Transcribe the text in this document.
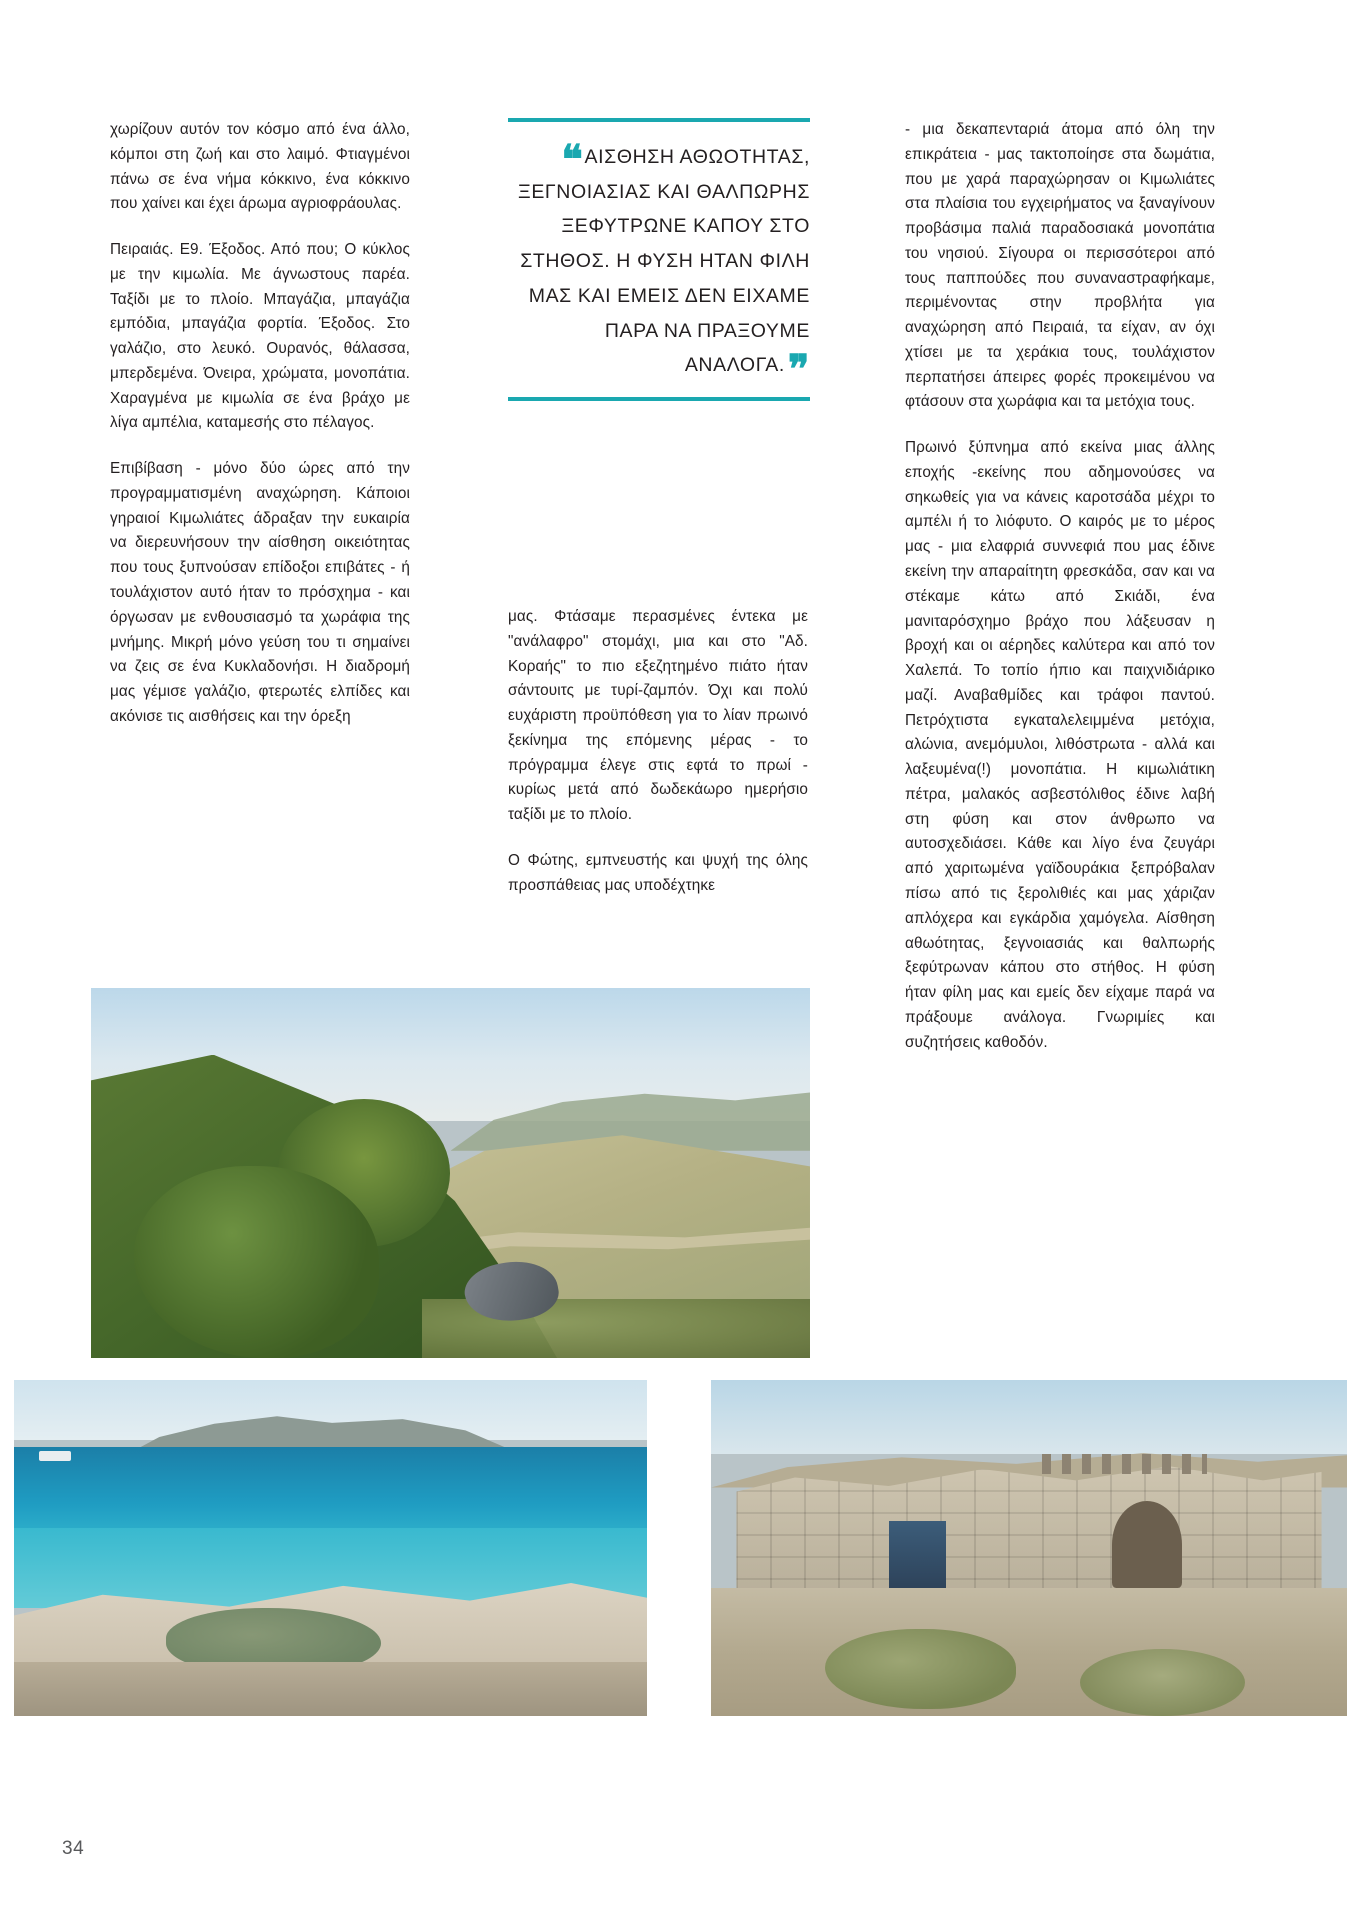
χωρίζουν αυτόν τον κόσμο από ένα άλλο, κόμποι στη ζωή και στο λαιμό. Φτιαγμένοι πάνω σε ένα νήμα κόκκινο, ένα κόκκινο που χαίνει και έχει άρωμα αγριοφράουλας.

Πειραιάς. Ε9. Έξοδος. Από που; Ο κύκλος με την κιμωλία. Με άγνωστους παρέα. Ταξίδι με το πλοίο. Μπαγάζια, μπαγάζια εμπόδια, μπαγάζια φορτία. Έξοδος. Στο γαλάζιο, στο λευκό. Ουρανός, θάλασσα, μπερδεμένα. Όνειρα, χρώματα, μονοπάτια. Χαραγμένα με κιμωλία σε ένα βράχο με λίγα αμπέλια, καταμεσής στο πέλαγος.

Επιβίβαση - μόνο δύο ώρες από την προγραμματισμένη αναχώρηση. Κάποιοι γηραιοί Κιμωλιάτες άδραξαν την ευκαιρία να διερευνήσουν την αίσθηση οικειότητας που τους ξυπνούσαν επίδοξοι επιβάτες - ή τουλάχιστον αυτό ήταν το πρόσχημα - και όργωσαν με ενθουσιασμό τα χωράφια της μνήμης. Μικρή μόνο γεύση του τι σημαίνει να ζεις σε ένα Κυκλαδονήσι. Η διαδρομή μας γέμισε γαλάζιο, φτερωτές ελπίδες και ακόνισε τις αισθήσεις και την όρεξη

❝ΑΙΣΘΗΣΗ ΑΘΩΟΤΗΤΑΣ, ΞΕΓΝΟΙΑΣΙΑΣ ΚΑΙ ΘΑΛΠΩΡΗΣ ΞΕΦΥΤΡΩΝΕ ΚΑΠΟΥ ΣΤΟ ΣΤΗΘΟΣ. Η ΦΥΣΗ ΗΤΑΝ ΦΙΛΗ ΜΑΣ ΚΑΙ ΕΜΕΙΣ ΔΕΝ ΕΙΧΑΜΕ ΠΑΡΑ ΝΑ ΠΡΑΞΟΥΜΕ ΑΝΑΛΟΓΑ.❞

μας. Φτάσαμε περασμένες έντεκα με "ανάλαφρο" στομάχι, μια και στο "Αδ. Κοραής" το πιο εξεζητημένο πιάτο ήταν σάντουιτς με τυρί-ζαμπόν. Όχι και πολύ ευχάριστη προϋπόθεση για το λίαν πρωινό ξεκίνημα της επόμενης μέρας - το πρόγραμμα έλεγε στις εφτά το πρωί - κυρίως μετά από δωδεκάωρο ημερήσιο ταξίδι με το πλοίο.

Ο Φώτης, εμπνευστής και ψυχή της όλης προσπάθειας μας υποδέχτηκε

- μια δεκαπενταριά άτομα από όλη την επικράτεια - μας τακτοποίησε στα δωμάτια, που με χαρά παραχώρησαν οι Κιμωλιάτες στα πλαίσια του εγχειρήματος να ξαναγίνουν προβάσιμα παλιά παραδοσιακά μονοπάτια του νησιού. Σίγουρα οι περισσότεροι από τους παππούδες που συναναστραφήκαμε, περιμένοντας στην προβλήτα για αναχώρηση από Πειραιά, τα είχαν, αν όχι χτίσει με τα χεράκια τους, τουλάχιστον περπατήσει άπειρες φορές προκειμένου να φτάσουν στα χωράφια και τα μετόχια τους.

Πρωινό ξύπνημα από εκείνα μιας άλλης εποχής -εκείνης που αδημονούσες να σηκωθείς για να κάνεις καροτσάδα μέχρι το αμπέλι ή το λιόφυτο. Ο καιρός με το μέρος μας - μια ελαφριά συννεφιά που μας έδινε εκείνη την απαραίτητη φρεσκάδα, σαν και να στέκαμε κάτω από Σκιάδι, ένα μανιταρόσχημο βράχο που λάξευσαν η βροχή και οι αέρηδες καλύτερα και από τον Χαλεπά. Το τοπίο ήπιο και παιχνιδιάρικο μαζί. Αναβαθμίδες και τράφοι παντού. Πετρόχτιστα εγκαταλελειμμένα μετόχια, αλώνια, ανεμόμυλοι, λιθόστρωτα - αλλά και λαξευμένα(!) μονοπάτια. Η κιμωλιάτικη πέτρα, μαλακός ασβεστόλιθος έδινε λαβή στη φύση και στον άνθρωπο να αυτοσχεδιάσει. Κάθε και λίγο ένα ζευγάρι από χαριτωμένα γαϊδουράκια ξεπρόβαλαν πίσω από τις ξερολιθιές και μας χάριζαν απλόχερα και εγκάρδια χαμόγελα. Αίσθηση αθωότητας, ξεγνοιασιάς και θαλπωρής ξεφύτρωναν κάπου στο στήθος. Η φύση ήταν φίλη μας και εμείς δεν είχαμε παρά να πράξουμε ανάλογα. Γνωριμίες και συζητήσεις καθοδόν.

34
